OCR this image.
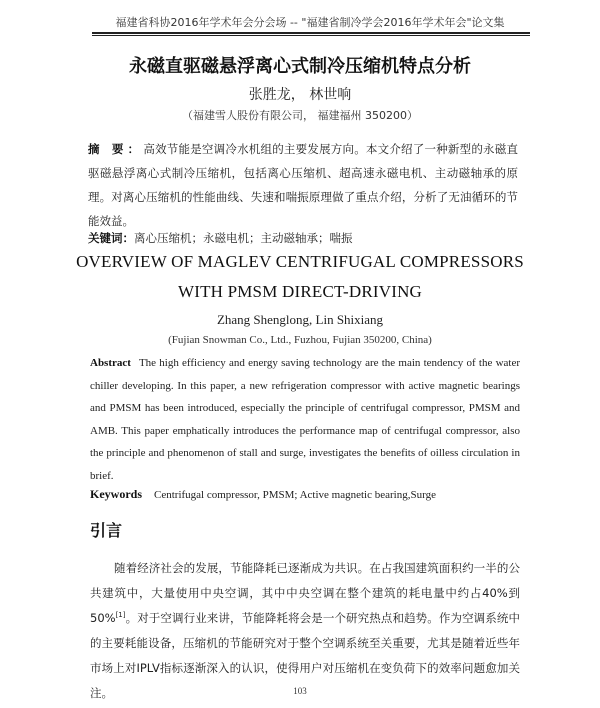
福建省科协2016年学术年会分会场 -- "福建省制冷学会2016年学术年会"论文集
永磁直驱磁悬浮离心式制冷压缩机特点分析
张胜龙， 林世响
（福建雪人股份有限公司， 福建福州 350200）
摘 要：高效节能是空调冷水机组的主要发展方向。本文介绍了一种新型的永磁直驱磁悬浮离心式制冷压缩机，包括离心压缩机、超高速永磁电机、主动磁轴承的原理。对离心压缩机的性能曲线、失速和喘振原理做了重点介绍，分析了无油循环的节能效益。
关键词：离心压缩机；永磁电机；主动磁轴承；喘振
OVERVIEW OF MAGLEV CENTRIFUGAL COMPRESSORS
WITH PMSM DIRECT-DRIVING
Zhang Shenglong, Lin Shixiang
(Fujian Snowman Co., Ltd., Fuzhou, Fujian 350200, China)
Abstract The high efficiency and energy saving technology are the main tendency of the water chiller developing. In this paper, a new refrigeration compressor with active magnetic bearings and PMSM has been introduced, especially the principle of centrifugal compressor, PMSM and AMB. This paper emphatically introduces the performance map of centrifugal compressor, also the principle and phenomenon of stall and surge, investigates the benefits of oilless circulation in brief.
Keywords Centrifugal compressor, PMSM; Active magnetic bearing,Surge
引言
随着经济社会的发展，节能降耗已逐渐成为共识。在占我国建筑面积约一半的公共建筑中，大量使用中央空调，其中中央空调在整个建筑的耗电量中约占40%到50%[1]。对于空调行业来讲，节能降耗将会是一个研究热点和趋势。作为空调系统中的主要耗能设备，压缩机的节能研究对于整个空调系统至关重要，尤其是随着近些年市场上对IPLV指标逐渐深入的认识，使得用户对压缩机在变负荷下的效率问题愈加关注。	103
